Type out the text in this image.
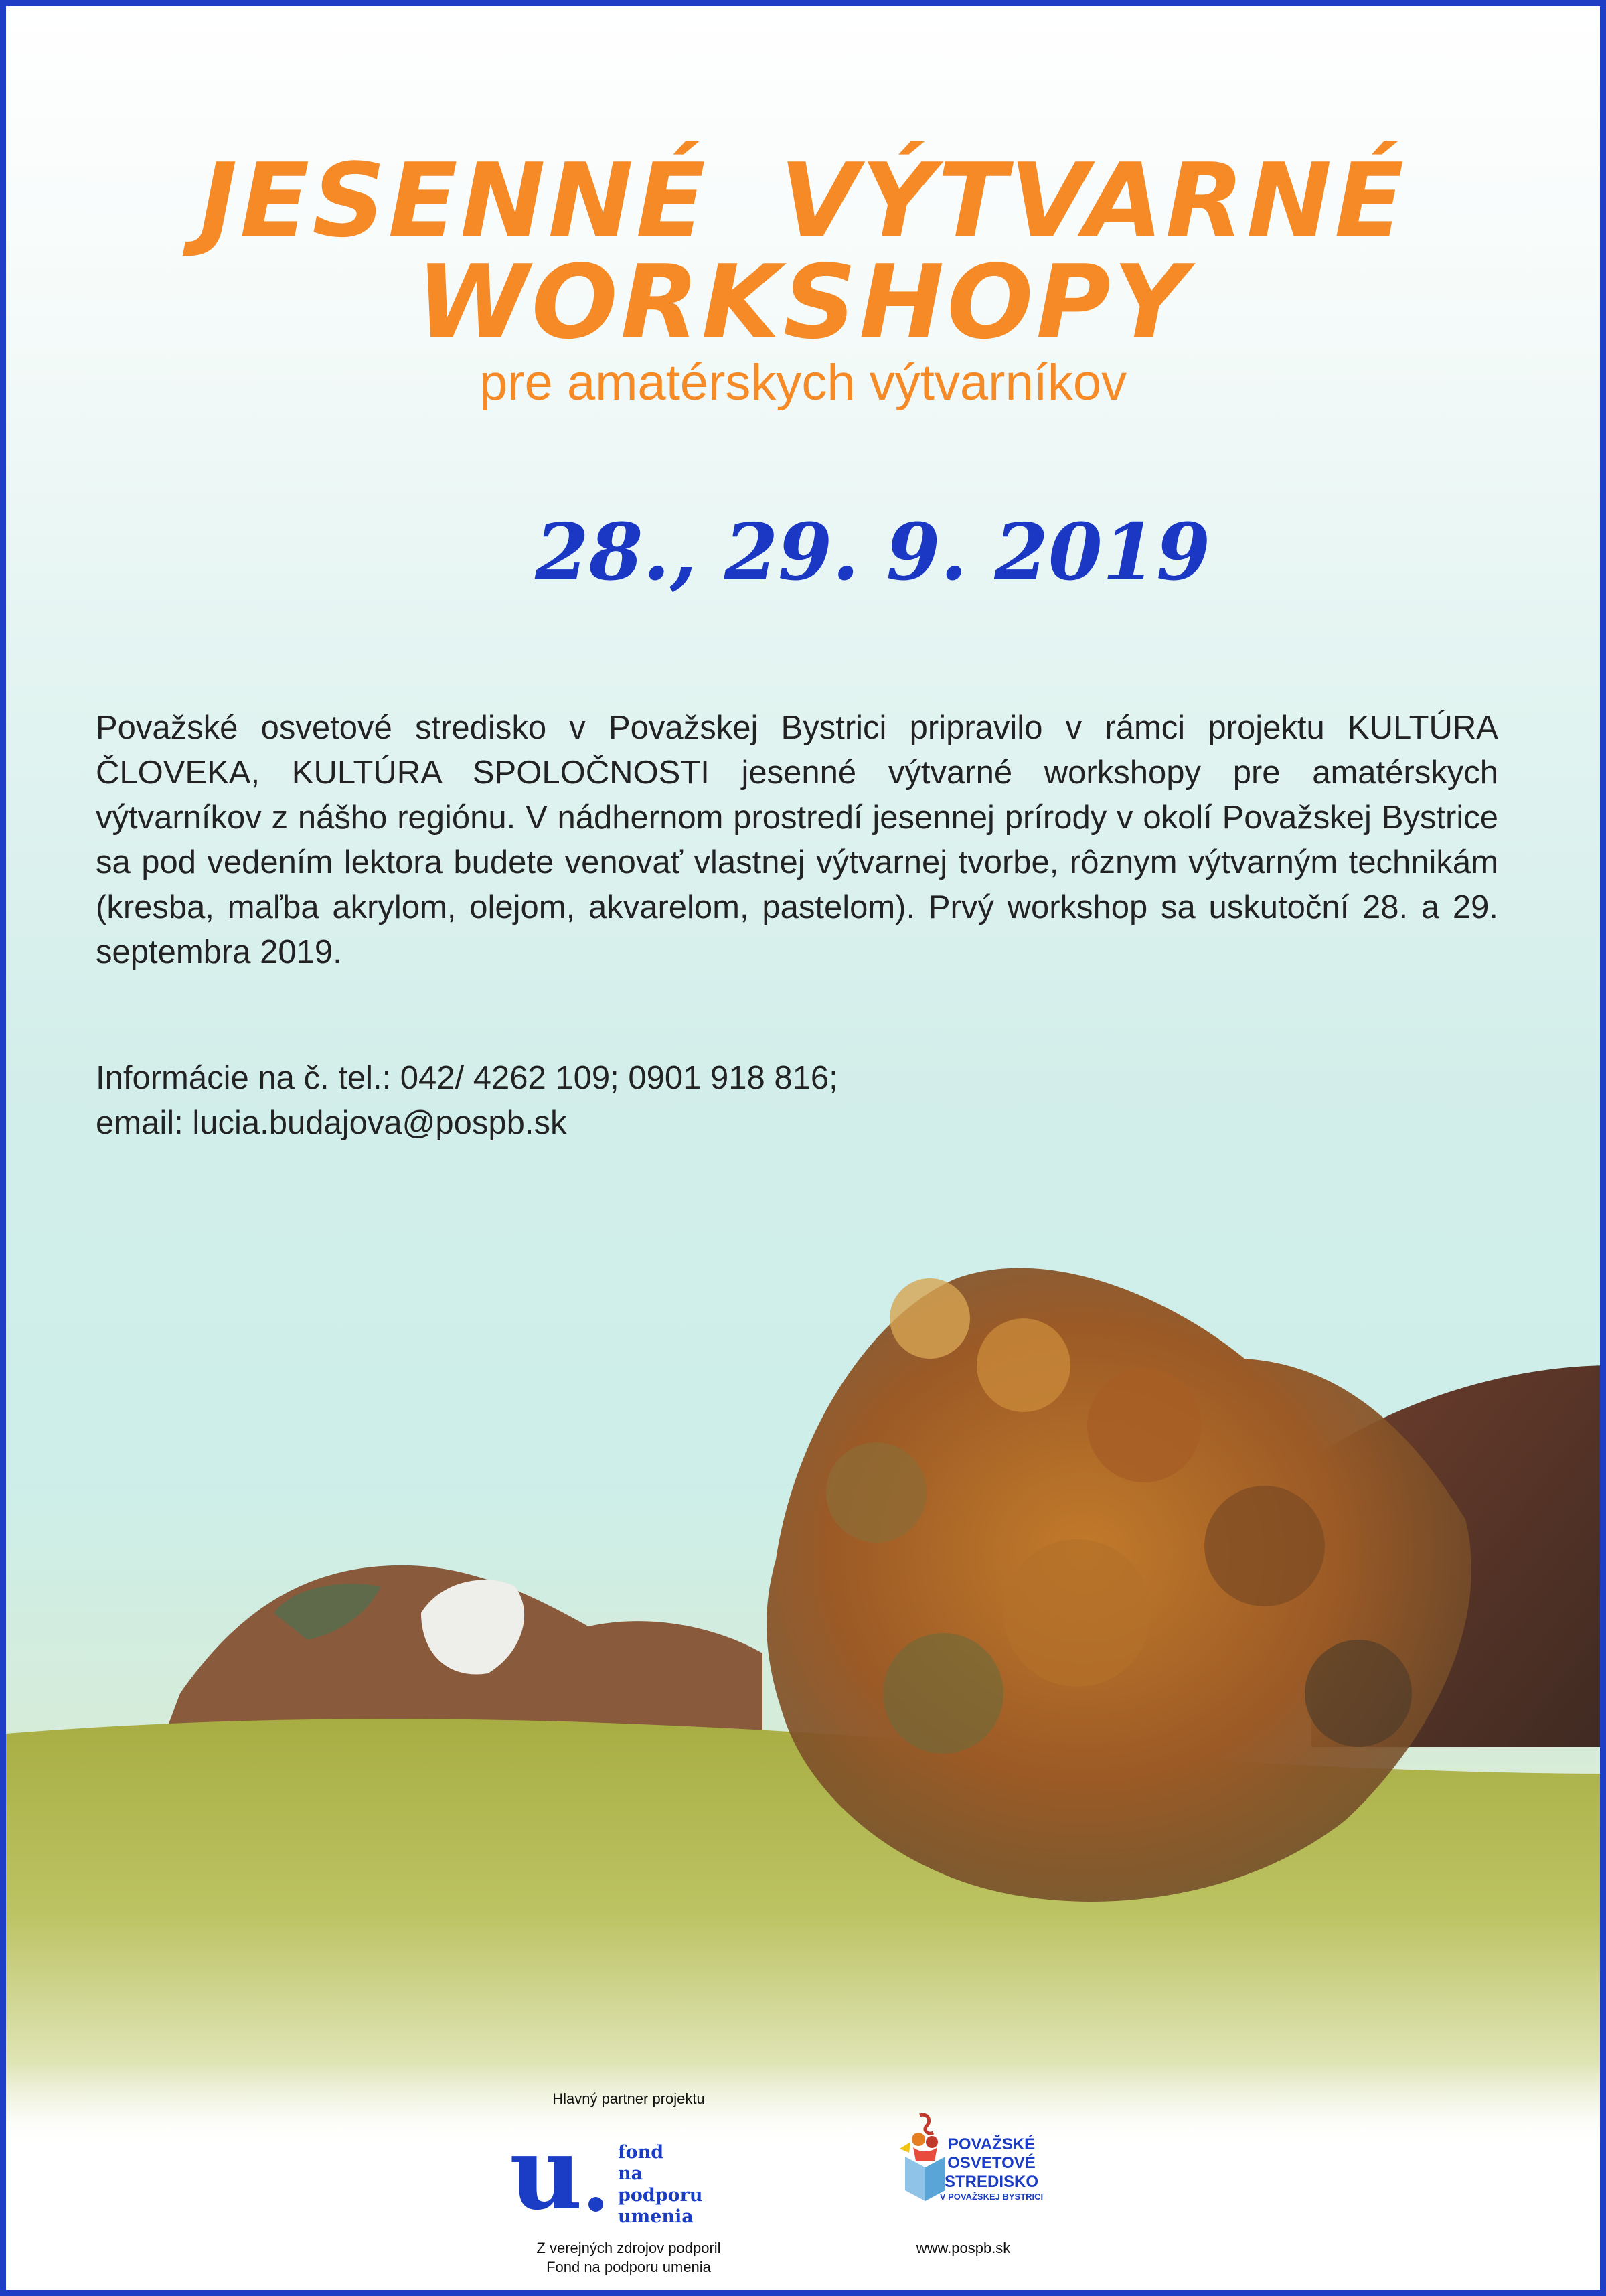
JESENNÉ VÝTVARNÉ WORKSHOPY
pre amatérskych výtvarníkov
28., 29. 9. 2019

Považské osvetové stredisko v Považskej Bystrici pripravilo v rámci projektu KULTÚRA ČLOVEKA, KULTÚRA SPOLOČNOSTI jesenné výtvarné workshopy pre amatérskych výtvarníkov z nášho regiónu. V nádhernom prostredí jesennej prírody v okolí Považskej Bystrice sa pod vedením lektora budete venovať vlastnej výtvarnej tvorbe, rôznym výtvarným technikám (kresba, maľba akrylom, olejom, akvarelom, pastelom). Prvý workshop sa uskutoční 28. a 29. septembra 2019.

Informácie na č. tel.: 042/ 4262 109; 0901 918 816;
email: lucia.budajova@pospb.sk
Hlavný partner projektu
u fond
na podporu
umenia
POVAŽSKÉ
OSVETOVÉ
STREDISKO
V POVAŽSKEJ BYSTRICI
Z verejných zdrojov podporil
Fond na podporu umenia
www.pospb.sk
